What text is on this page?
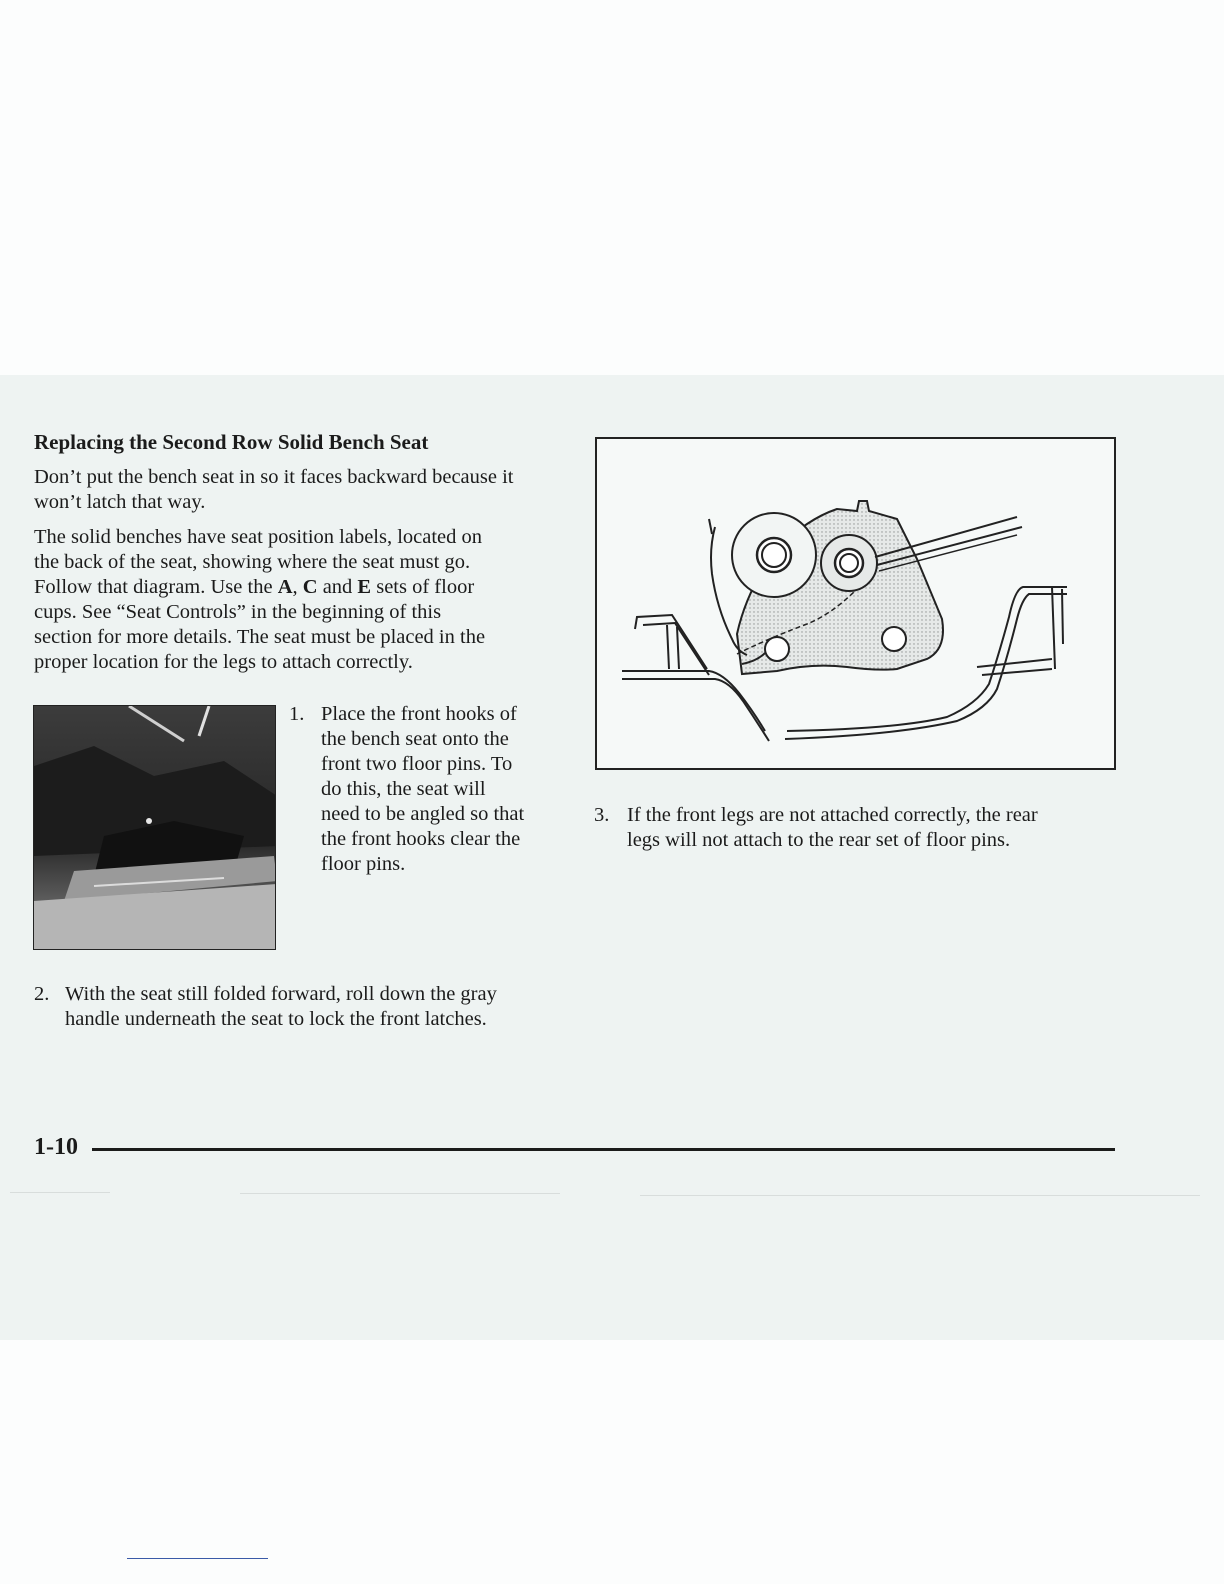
Replacing the Second Row Solid Bench Seat
Don’t put the bench seat in so it faces backward because it won’t latch that way.
The solid benches have seat position labels, located on
the back of the seat, showing where the seat must go.
Follow that diagram. Use the A, C and E sets of floor
cups. See “Seat Controls” in the beginning of this
section for more details. The seat must be placed in the
proper location for the legs to attach correctly.
1. Place the front hooks of
the bench seat onto the
front two floor pins. To
do this, the seat will
need to be angled so that
the front hooks clear the
floor pins.
2. With the seat still folded forward, roll down the gray
handle underneath the seat to lock the front latches.
3. If the front legs are not attached correctly, the rear
legs will not attach to the rear set of floor pins.
1-10
